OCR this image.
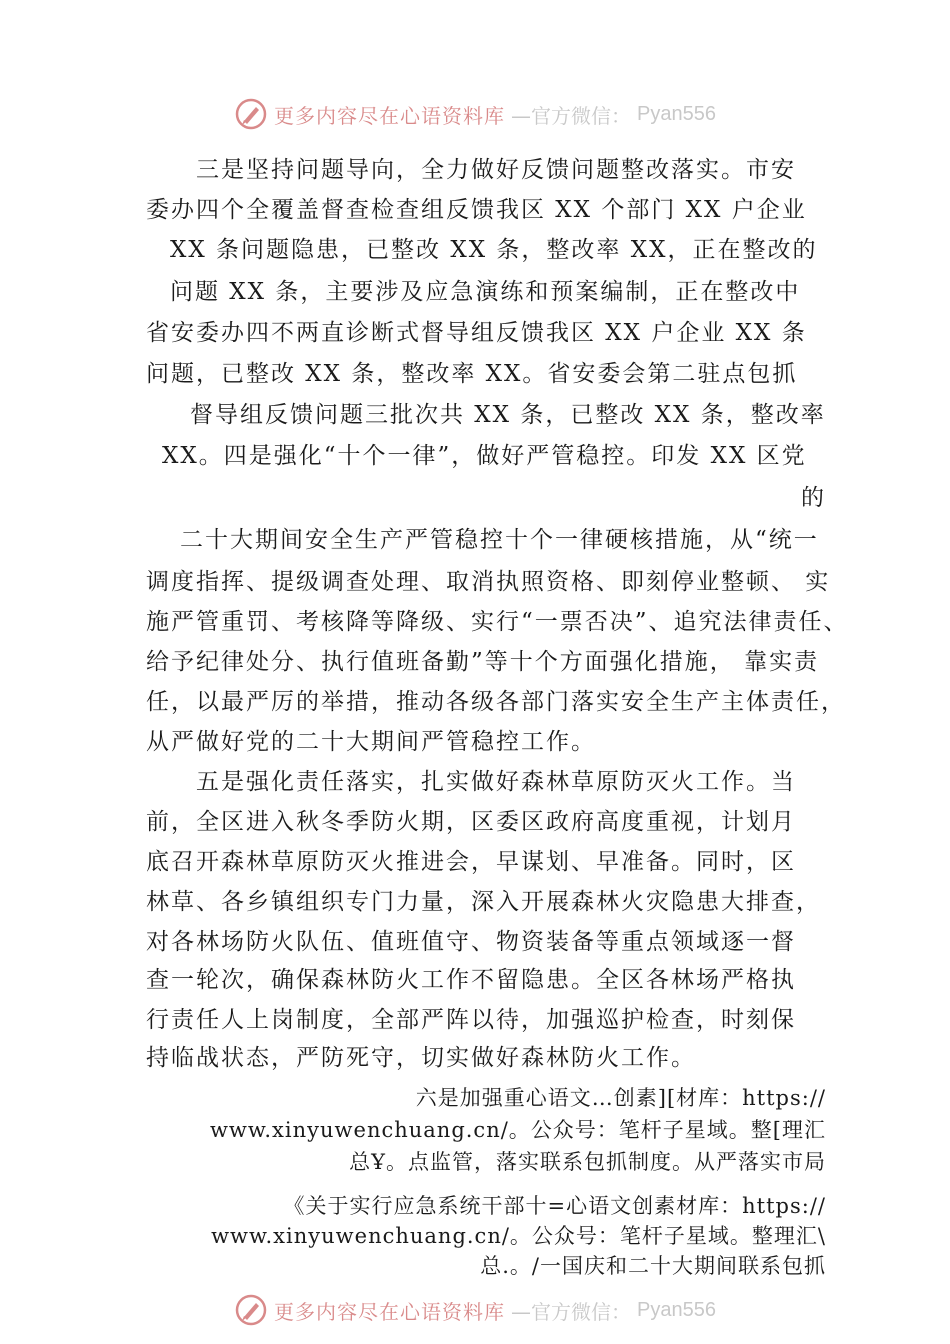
更多内容尽在心语资料库 —官方微信： Pyan556
三是坚持问题导向，全力做好反馈问题整改落实。市安
委办四个全覆盖督查检查组反馈我区 XX 个部门 XX 户企业
XX 条问题隐患，已整改 XX 条，整改率 XX，正在整改的
问题 XX 条，主要涉及应急演练和预案编制，正在整改中
省安委办四不两直诊断式督导组反馈我区 XX 户企业 XX 条
问题，已整改 XX 条，整改率 XX。省安委会第二驻点包抓
督导组反馈问题三批次共 XX 条，已整改 XX 条，整改率
XX。四是强化“十个一律”，做好严管稳控。印发 XX 区党
的
二十大期间安全生产严管稳控十个一律硬核措施，从“统一
调度指挥、提级调查处理、取消执照资格、即刻停业整顿、 实
施严管重罚、考核降等降级、实行“一票否决”、追究法律责任、
给予纪律处分、执行值班备勤”等十个方面强化措施， 靠实责
任，以最严厉的举措，推动各级各部门落实安全生产主体责任，
从严做好党的二十大期间严管稳控工作。
五是强化责任落实，扎实做好森林草原防灭火工作。当
前，全区进入秋冬季防火期，区委区政府高度重视，计划月
底召开森林草原防灭火推进会，早谋划、早准备。同时，区
林草、各乡镇组织专门力量，深入开展森林火灾隐患大排查，
对各林场防火队伍、值班值守、物资装备等重点领域逐一督
查一轮次，确保森林防火工作不留隐患。全区各林场严格执
行责任人上岗制度，全部严阵以待，加强巡护检查，时刻保
持临战状态，严防死守，切实做好森林防火工作。
六是加强重心语文…创素][材库：https://
www.xinyuwenchuang.cn/。公众号：笔杆子星域。整[理汇
总Ұ。点监管，落实联系包抓制度。从严落实市局
《关于实行应急系统干部十=心语文创素材库：https://
www.xinyuwenchuang.cn/。公众号：笔杆子星域。整理汇\
总.。/一国庆和二十大期间联系包抓
更多内容尽在心语资料库 —官方微信： Pyan556
